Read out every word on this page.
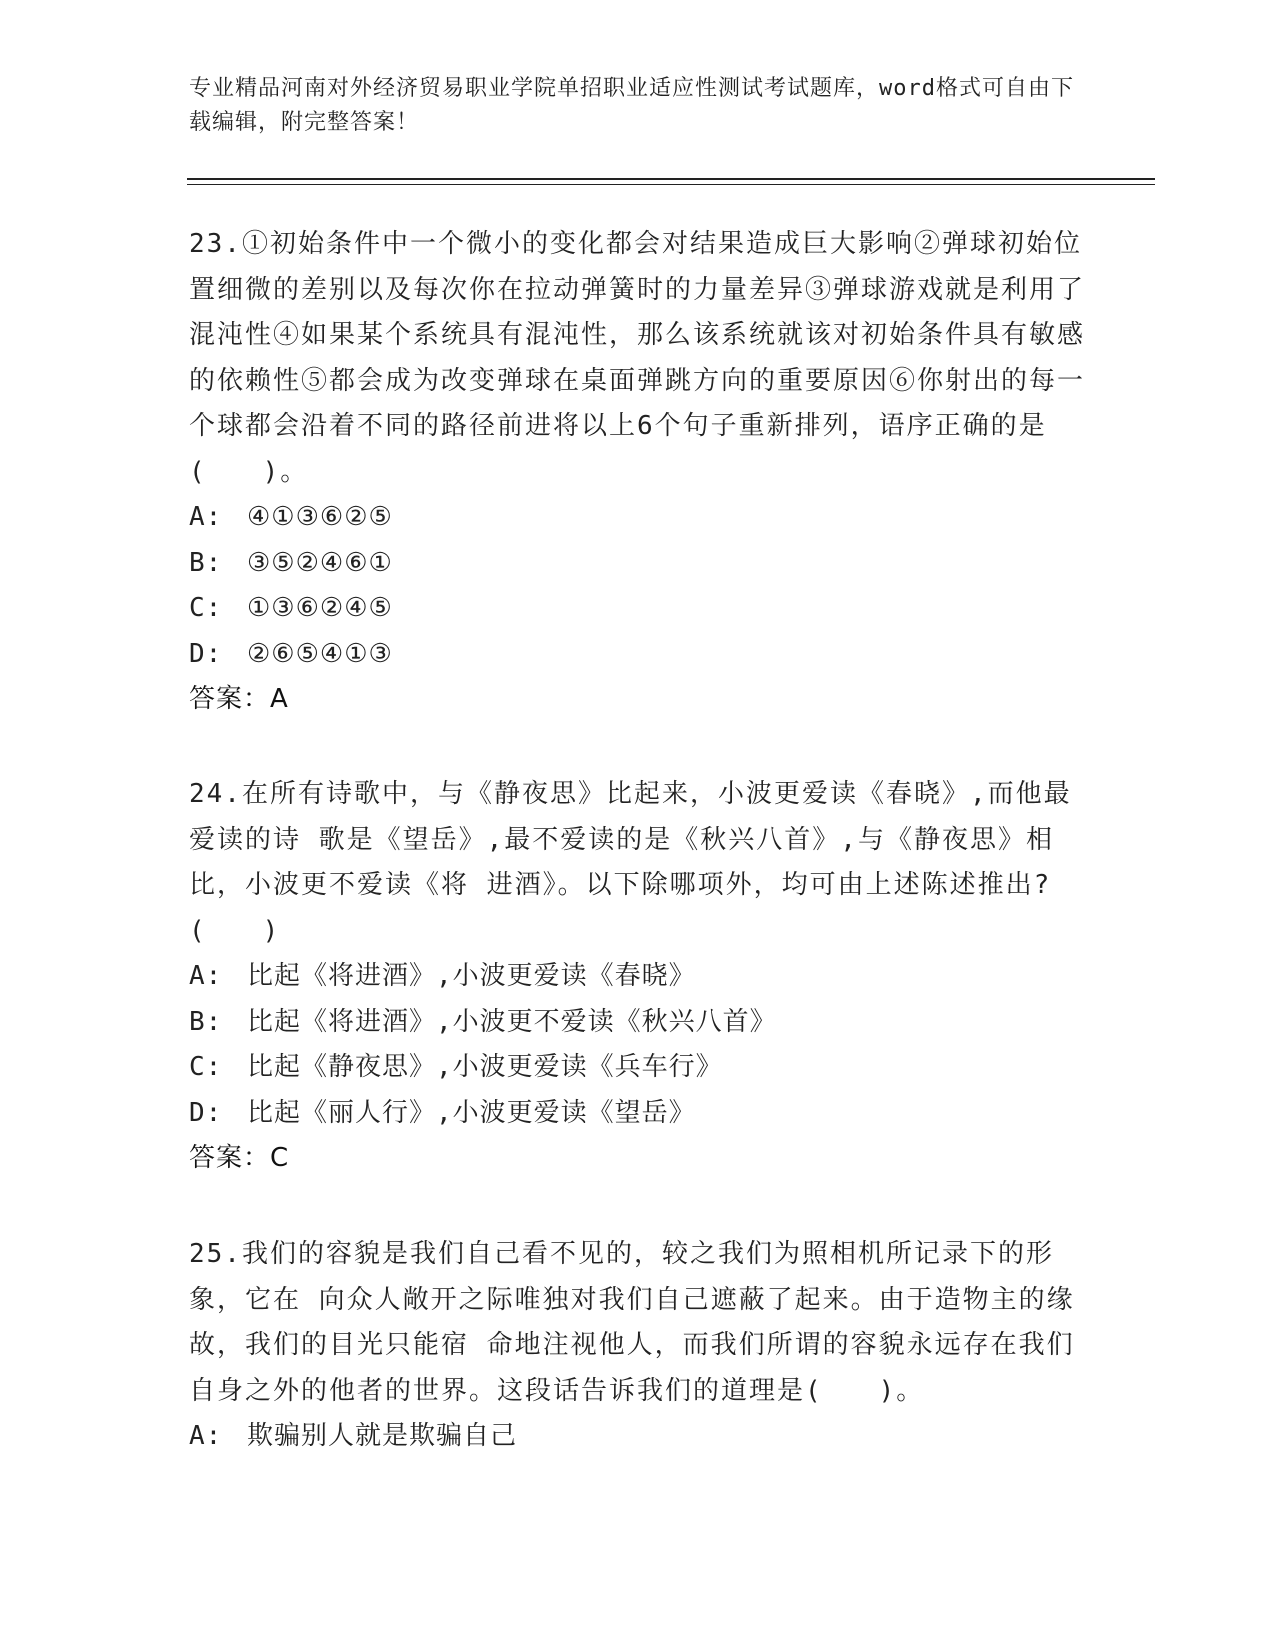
专业精品河南对外经济贸易职业学院单招职业适应性测试考试题库，word格式可自由下载编辑，附完整答案！

23.①初始条件中一个微小的变化都会对结果造成巨大影响②弹球初始位置细微的差别以及每次你在拉动弹簧时的力量差异③弹球游戏就是利用了混沌性④如果某个系统具有混沌性，那么该系统就该对初始条件具有敏感的依赖性⑤都会成为改变弹球在桌面弹跳方向的重要原因⑥你射出的每一个球都会沿着不同的路径前进将以上6个句子重新排列，语序正确的是(　　)。

A: ④①③⑥②⑤
B: ③⑤②④⑥①
C: ①③⑥②④⑤
D: ②⑥⑤④①③
答案：A

24.在所有诗歌中，与《静夜思》比起来，小波更爱读《春晓》,而他最爱读的诗 歌是《望岳》,最不爱读的是《秋兴八首》,与《静夜思》相比，小波更不爱读《将 进酒》。以下除哪项外，均可由上述陈述推出?(　　)

A: 比起《将进酒》,小波更爱读《春晓》
B: 比起《将进酒》,小波更不爱读《秋兴八首》
C: 比起《静夜思》,小波更爱读《兵车行》
D: 比起《丽人行》,小波更爱读《望岳》
答案：C

25.我们的容貌是我们自己看不见的，较之我们为照相机所记录下的形象，它在 向众人敞开之际唯独对我们自己遮蔽了起来。由于造物主的缘故，我们的目光只能宿 命地注视他人，而我们所谓的容貌永远存在我们自身之外的他者的世界。这段话告诉我们的道理是(　　)。

A: 欺骗别人就是欺骗自己
